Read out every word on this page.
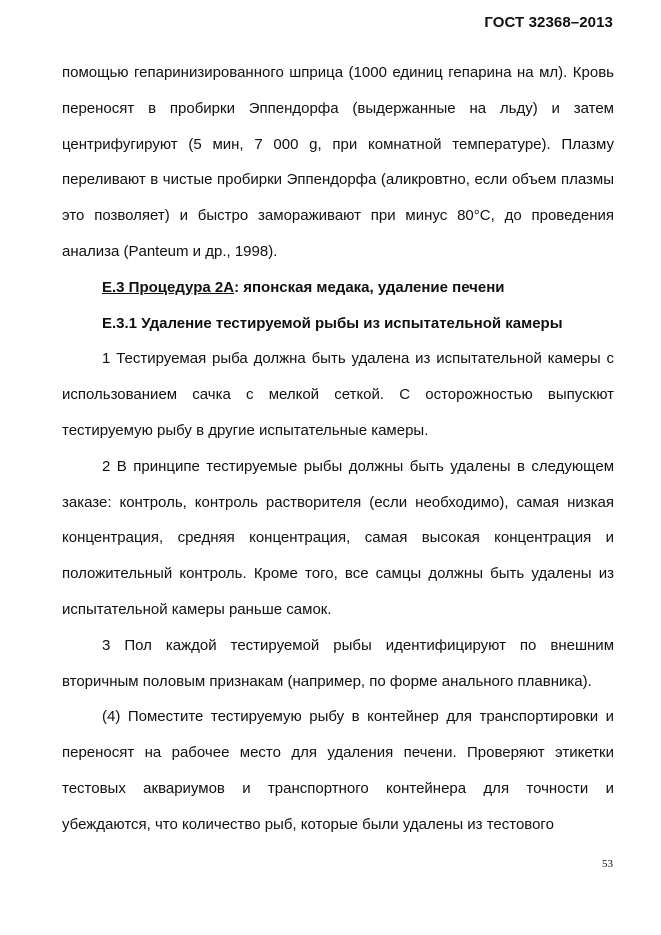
ГОСТ 32368–2013

помощью гепаринизированного шприца (1000 единиц гепарина на мл). Кровь переносят в пробирки Эппендорфа (выдержанные на льду) и затем центрифугируют (5 мин, 7 000 g, при комнатной температуре). Плазму переливают в чистые пробирки Эппендорфа (аликровтно, если объем плазмы это позволяет) и быстро замораживают при минус 80°С, до проведения анализа (Panteum и др., 1998).

Е.3 Процедура 2А: японская медака, удаление печени

Е.3.1 Удаление тестируемой рыбы из испытательной камеры

1 Тестируемая рыба должна быть удалена из испытательной камеры с использованием сачка с мелкой сеткой. С осторожностью выпускют тестируемую рыбу в другие испытательные камеры.

2 В принципе тестируемые рыбы должны быть удалены в следующем заказе: контроль, контроль растворителя (если необходимо), самая низкая концентрация, средняя концентрация, самая высокая концентрация и положительный контроль. Кроме того, все самцы должны быть удалены из испытательной камеры раньше самок.

3 Пол каждой тестируемой рыбы идентифицируют по внешним вторичным половым признакам (например, по форме анального плавника).

(4) Поместите тестируемую рыбу в контейнер для транспортировки и переносят на рабочее место для удаления печени. Проверяют этикетки тестовых аквариумов и транспортного контейнера для точности и убеждаются, что количество рыб, которые были удалены из тестового

53
